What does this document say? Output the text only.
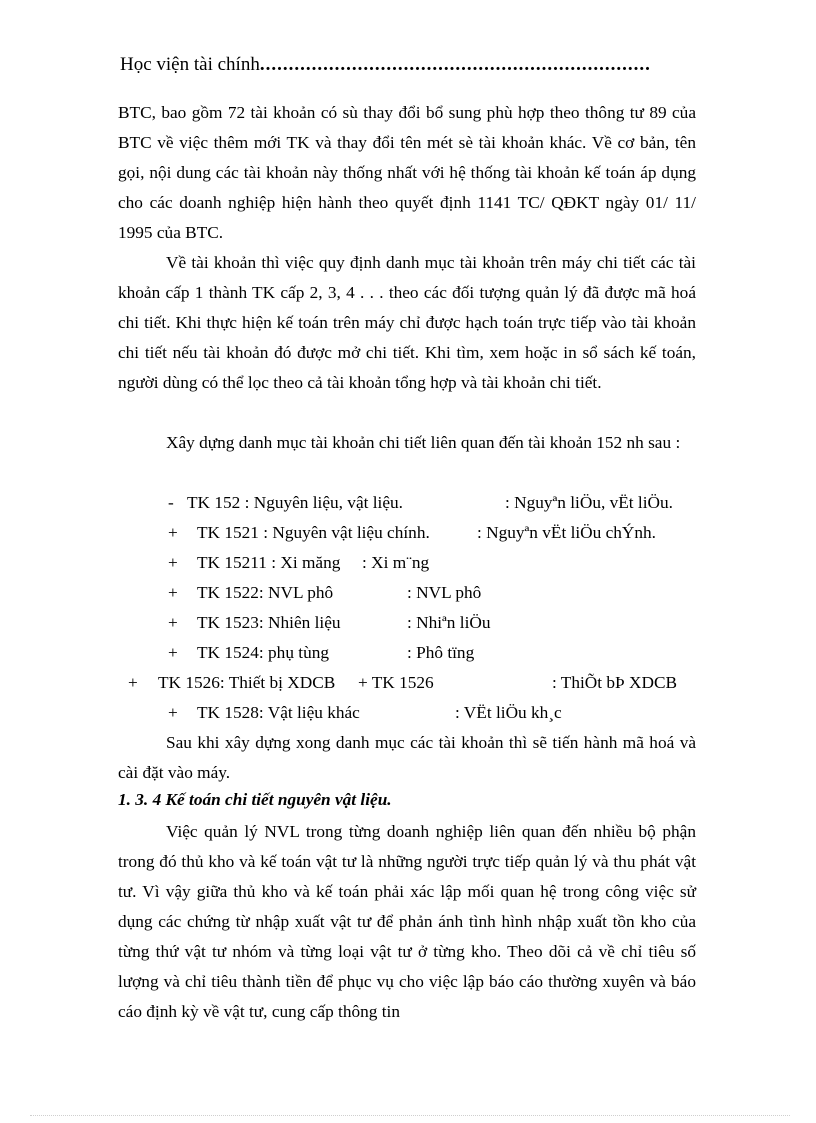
Học viện tài chính....................................................................
BTC, bao gồm 72 tài khoản có sù thay đổi bổ sung phù hợp theo thông tư 89 của BTC về việc thêm mới TK và thay đổi tên mét sè tài khoản khác. Về cơ bản, tên gọi, nội dung các tài khoản này thống nhất với hệ thống tài khoản kế toán áp dụng cho các doanh nghiệp hiện hành theo quyết định 1141 TC/ QĐKT ngày 01/ 11/ 1995 của BTC.
Về tài khoản thì việc quy định danh mục tài khoản trên máy chi tiết các tài khoản cấp 1 thành TK cấp 2, 3, 4 . . . theo các đối tượng quản lý đã được mã hoá chi tiết. Khi thực hiện kế toán trên máy chỉ được hạch toán trực tiếp vào tài khoản chi tiết nếu tài khoản đó được mở chi tiết. Khi tìm, xem hoặc in sổ sách kế toán, người dùng có thể lọc theo cả tài khoản tổng hợp và tài khoản chi tiết.
Xây dựng danh mục tài khoản chi tiết liên quan đến tài khoản 152 nh sau :
- TK 152 : Nguyên liệu, vật liệu.	: Nguyªn liÖu, vËt liÖu.
+ TK 1521 : Nguyên vật liệu chính.	: Nguyªn vËt liÖu chÝnh.
+ TK 15211 : Xi măng : Xi m¨ng
+ TK 1522: NVL phô	: NVL phô
+ TK 1523: Nhiên liệu	: Nhiªn liÖu
+ TK 1524: phụ tùng	: Phô tïng
+ TK 1526: Thiết bị XDCB + TK 1526	: ThiÕt bÞ XDCB
+ TK 1528: Vật liệu khác	: VËt liÖu kh¸c
Sau khi xây dựng xong danh mục các tài khoản thì sẽ tiến hành mã hoá và cài đặt vào máy.
1. 3. 4 Kế toán chi tiết nguyên vật liệu.
Việc quản lý NVL trong từng doanh nghiệp liên quan đến nhiều bộ phận trong đó thủ kho và kế toán vật tư là những người trực tiếp quản lý và thu phát vật tư. Vì vậy giữa thủ kho và kế toán phải xác lập mối quan hệ trong công việc sử dụng các chứng từ nhập xuất vật tư để phản ánh tình hình nhập xuất tồn kho của từng thứ vật tư nhóm và từng loại vật tư ở từng kho. Theo dõi cả về chỉ tiêu số lượng và chỉ tiêu thành tiền để phục vụ cho việc lập báo cáo thường xuyên và báo cáo định kỳ về vật tư, cung cấp thông tin
